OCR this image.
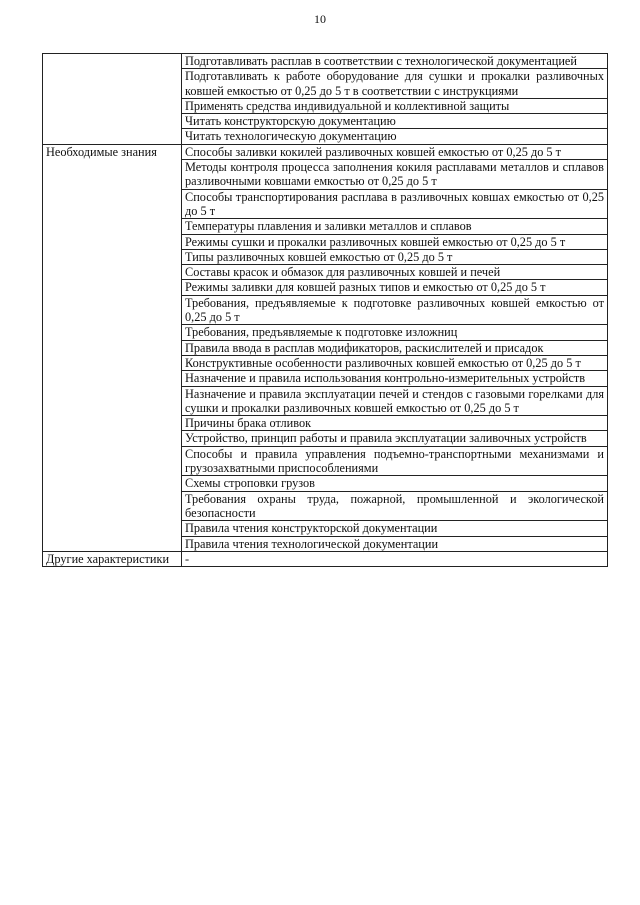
10
	Подготавливать расплав в соответствии с технологической документацией
	Подготавливать к работе оборудование для сушки и прокалки разливочных ковшей емкостью от 0,25 до 5 т в соответствии с инструкциями
	Применять средства индивидуальной и коллективной защиты
	Читать конструкторскую документацию
	Читать технологическую документацию
Необходимые знания	Способы заливки кокилей разливочных ковшей емкостью от 0,25 до 5 т
	Методы контроля процесса заполнения кокиля расплавами металлов и сплавов разливочными ковшами емкостью от 0,25 до 5 т
	Способы транспортирования расплава в разливочных ковшах емкостью от 0,25 до 5 т
	Температуры плавления и заливки металлов и сплавов
	Режимы сушки и прокалки разливочных ковшей емкостью от 0,25 до 5 т
	Типы разливочных ковшей емкостью от 0,25 до 5 т
	Составы красок и обмазок для разливочных ковшей и печей
	Режимы заливки для ковшей разных типов и емкостью от 0,25 до 5 т
	Требования, предъявляемые к подготовке разливочных ковшей емкостью от 0,25 до 5 т
	Требования, предъявляемые к подготовке изложниц
	Правила ввода в расплав модификаторов, раскислителей и присадок
	Конструктивные особенности разливочных ковшей емкостью от 0,25 до 5 т
	Назначение и правила использования контрольно-измерительных устройств
	Назначение и правила эксплуатации печей и стендов с газовыми горелками для сушки и прокалки разливочных ковшей емкостью от 0,25 до 5 т
	Причины брака отливок
	Устройство, принцип работы и правила эксплуатации заливочных устройств
	Способы и правила управления подъемно-транспортными механизмами и грузозахватными приспособлениями
	Схемы строповки грузов
	Требования охраны труда, пожарной, промышленной и экологической безопасности
	Правила чтения конструкторской документации
	Правила чтения технологической документации
Другие характеристики	-
